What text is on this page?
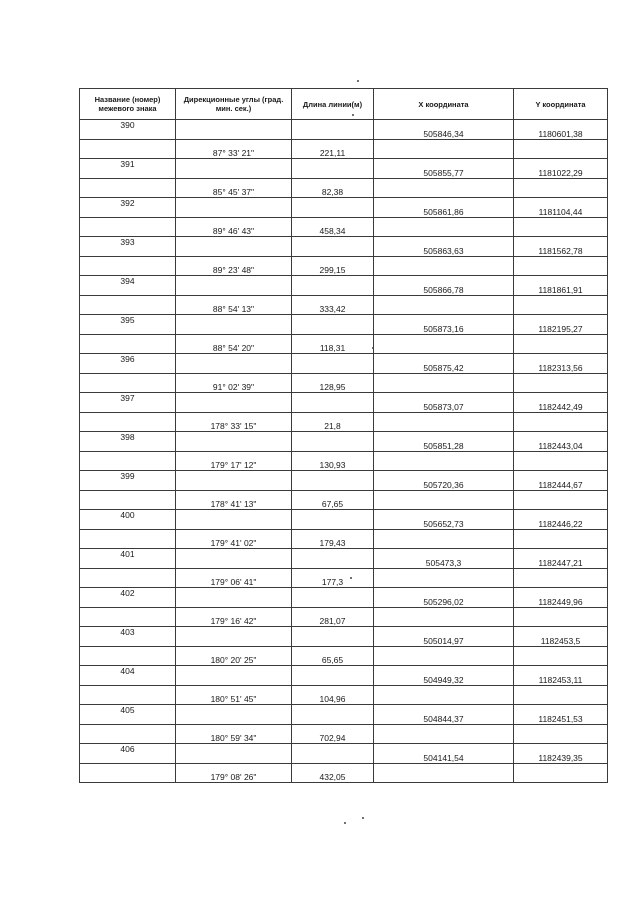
Название (номер) межевого знака	Дирекционные углы (град. мин. сек.)	Длина линии(м)	Х координата	Y координата
390			505846,34	1180601,38
	87° 33' 21"	221,11		
391			505855,77	1181022,29
	85° 45' 37"	82,38		
392			505861,86	1181104,44
	89° 46' 43"	458,34		
393			505863,63	1181562,78
	89° 23' 48"	299,15		
394			505866,78	1181861,91
	88° 54' 13"	333,42		
395			505873,16	1182195,27
	88° 54' 20"	118,31		
396			505875,42	1182313,56
	91° 02' 39"	128,95		
397			505873,07	1182442,49
	178° 33' 15"	21,8		
398			505851,28	1182443,04
	179° 17' 12"	130,93		
399			505720,36	1182444,67
	178° 41' 13"	67,65		
400			505652,73	1182446,22
	179° 41' 02"	179,43		
401			505473,3	1182447,21
	179° 06' 41"	177,3		
402			505296,02	1182449,96
	179° 16' 42"	281,07		
403			505014,97	1182453,5
	180° 20' 25"	65,65		
404			504949,32	1182453,11
	180° 51' 45"	104,96		
405			504844,37	1182451,53
	180° 59' 34"	702,94		
406			504141,54	1182439,35
	179° 08' 26"	432,05		
